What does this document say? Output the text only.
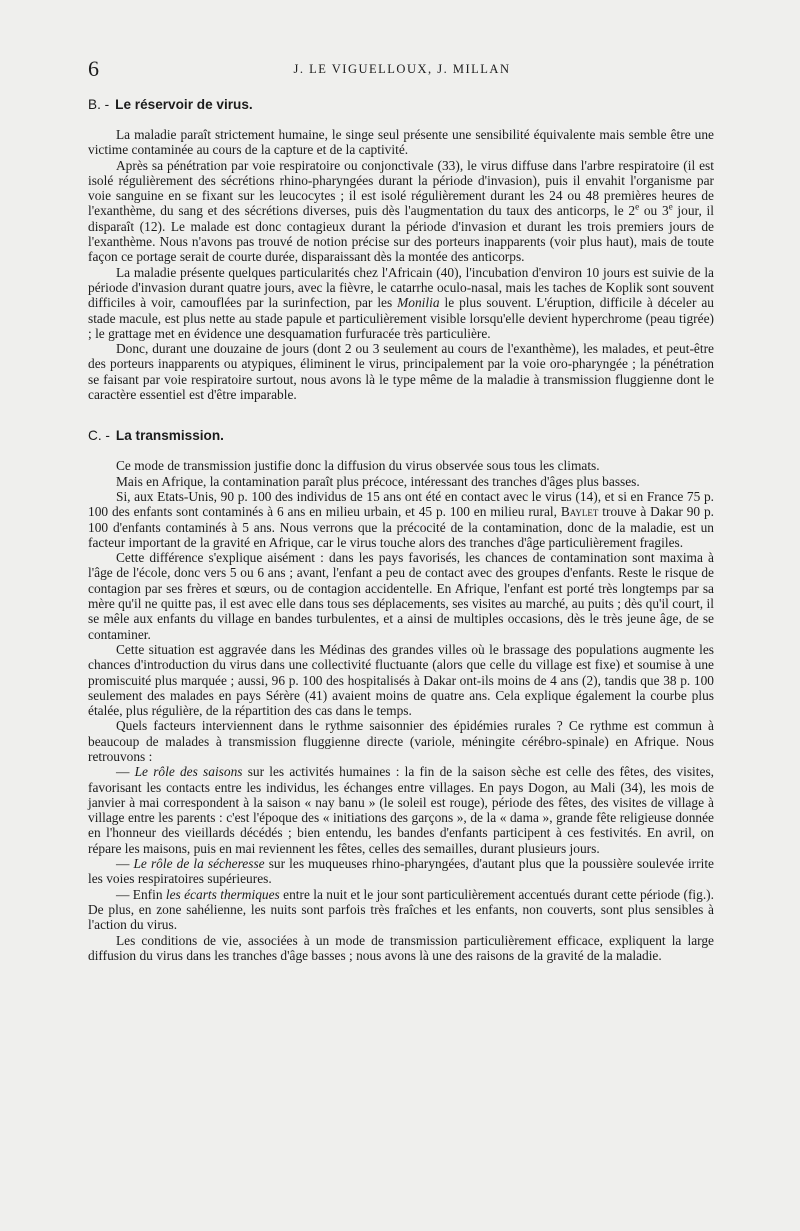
6	J. LE VIGUELLOUX, J. MILLAN
B. - Le réservoir de virus.

La maladie paraît strictement humaine, le singe seul présente une sensibilité équivalente mais semble être une victime contaminée au cours de la capture et de la captivité.

Après sa pénétration par voie respiratoire ou conjonctivale (33), le virus diffuse dans l'arbre respiratoire (il est isolé régulièrement des sécrétions rhino-pharyngées durant la période d'invasion), puis il envahit l'organisme par voie sanguine en se fixant sur les leucocytes ; il est isolé régulièrement durant les 24 ou 48 premières heures de l'exanthème, du sang et des sécrétions diverses, puis dès l'augmentation du taux des anticorps, le 2e ou 3e jour, il disparaît (12). Le malade est donc contagieux durant la période d'invasion et durant les trois premiers jours de l'exanthème. Nous n'avons pas trouvé de notion précise sur des porteurs inapparents (voir plus haut), mais de toute façon ce portage serait de courte durée, disparaissant dès la montée des anticorps.

La maladie présente quelques particularités chez l'Africain (40), l'incubation d'environ 10 jours est suivie de la période d'invasion durant quatre jours, avec la fièvre, le catarrhe oculo-nasal, mais les taches de Koplik sont souvent difficiles à voir, camouflées par la surinfection, par les Monilia le plus souvent. L'éruption, difficile à déceler au stade macule, est plus nette au stade papule et particulièrement visible lorsqu'elle devient hyperchrome (peau tigrée) ; le grattage met en évidence une desquamation furfuracée très particulière.

Donc, durant une douzaine de jours (dont 2 ou 3 seulement au cours de l'exanthème), les malades, et peut-être des porteurs inapparents ou atypiques, éliminent le virus, principalement par la voie oro-pharyngée ; la pénétration se faisant par voie respiratoire surtout, nous avons là le type même de la maladie à transmission fluggienne dont le caractère essentiel est d'être imparable.

C. - La transmission.

Ce mode de transmission justifie donc la diffusion du virus observée sous tous les climats.

Mais en Afrique, la contamination paraît plus précoce, intéressant des tranches d'âges plus basses.

Si, aux Etats-Unis, 90 p. 100 des individus de 15 ans ont été en contact avec le virus (14), et si en France 75 p. 100 des enfants sont contaminés à 6 ans en milieu urbain, et 45 p. 100 en milieu rural, Baylet trouve à Dakar 90 p. 100 d'enfants contaminés à 5 ans. Nous verrons que la précocité de la contamination, donc de la maladie, est un facteur important de la gravité en Afrique, car le virus touche alors des tranches d'âge particulièrement fragiles.

Cette différence s'explique aisément : dans les pays favorisés, les chances de contamination sont maxima à l'âge de l'école, donc vers 5 ou 6 ans ; avant, l'enfant a peu de contact avec des groupes d'enfants. Reste le risque de contagion par ses frères et sœurs, ou de contagion accidentelle. En Afrique, l'enfant est porté très longtemps par sa mère qu'il ne quitte pas, il est avec elle dans tous ses déplacements, ses visites au marché, au puits ; dès qu'il court, il se mêle aux enfants du village en bandes turbulentes, et a ainsi de multiples occasions, dès le très jeune âge, de se contaminer.

Cette situation est aggravée dans les Médinas des grandes villes où le brassage des populations augmente les chances d'introduction du virus dans une collectivité fluctuante (alors que celle du village est fixe) et soumise à une promiscuité plus marquée ; aussi, 96 p. 100 des hospitalisés à Dakar ont-ils moins de 4 ans (2), tandis que 38 p. 100 seulement des malades en pays Sérère (41) avaient moins de quatre ans. Cela explique également la courbe plus étalée, plus régulière, de la répartition des cas dans le temps.

Quels facteurs interviennent dans le rythme saisonnier des épidémies rurales ? Ce rythme est commun à beaucoup de malades à transmission fluggienne directe (variole, méningite cérébro-spinale) en Afrique. Nous retrouvons :

— Le rôle des saisons sur les activités humaines : la fin de la saison sèche est celle des fêtes, des visites, favorisant les contacts entre les individus, les échanges entre villages. En pays Dogon, au Mali (34), les mois de janvier à mai correspondent à la saison « nay banu » (le soleil est rouge), période des fêtes, des visites de village à village entre les parents : c'est l'époque des « initiations des garçons », de la « dama », grande fête religieuse donnée en l'honneur des vieillards décédés ; bien entendu, les bandes d'enfants participent à ces festivités. En avril, on répare les maisons, puis en mai reviennent les fêtes, celles des semailles, durant plusieurs jours.

— Le rôle de la sécheresse sur les muqueuses rhino-pharyngées, d'autant plus que la poussière soulevée irrite les voies respiratoires supérieures.

— Enfin les écarts thermiques entre la nuit et le jour sont particulièrement accentués durant cette période (fig.). De plus, en zone sahélienne, les nuits sont parfois très fraîches et les enfants, non couverts, sont plus sensibles à l'action du virus.

Les conditions de vie, associées à un mode de transmission particulièrement efficace, expliquent la large diffusion du virus dans les tranches d'âge basses ; nous avons là une des raisons de la gravité de la maladie.
